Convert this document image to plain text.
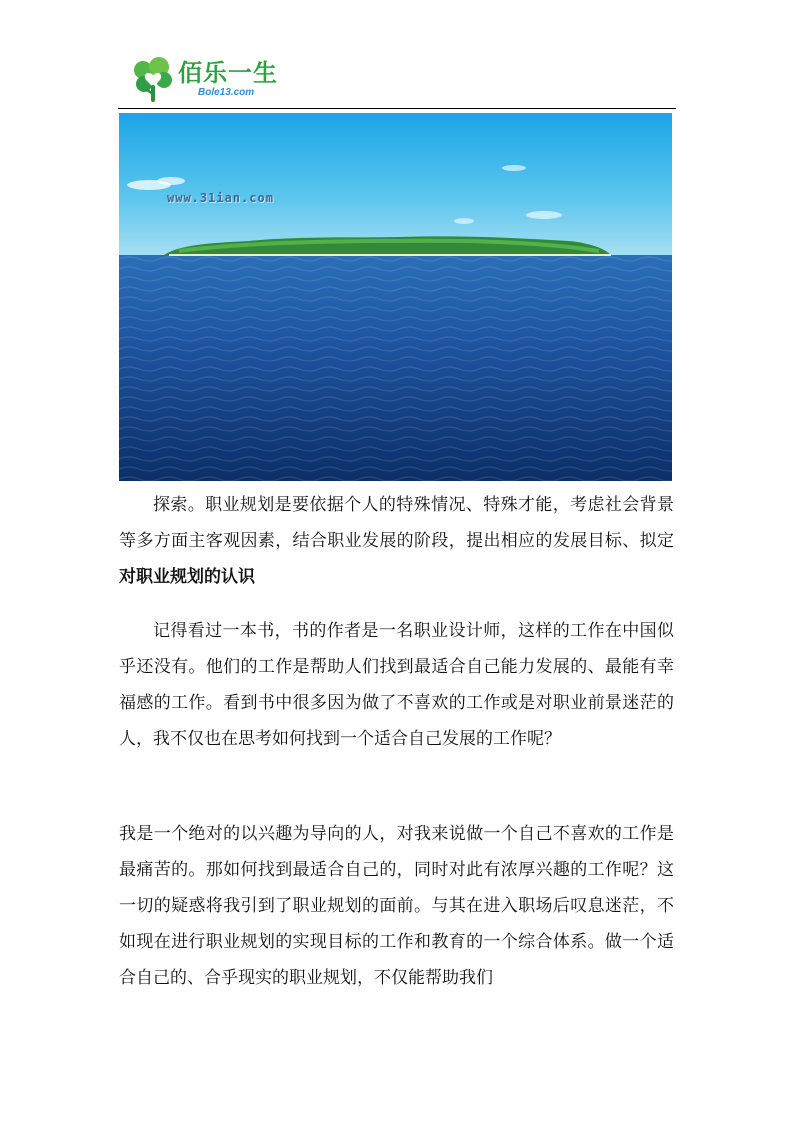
佰乐一生
Bole13.com
www.31ian.com

探索。职业规划是要依据个人的特殊情况、特殊才能，考虑社会背景等多方面主客观因素，结合职业发展的阶段，提出相应的发展目标、拟定对职业规划的认识

记得看过一本书，书的作者是一名职业设计师，这样的工作在中国似乎还没有。他们的工作是帮助人们找到最适合自己能力发展的、最能有幸福感的工作。看到书中很多因为做了不喜欢的工作或是对职业前景迷茫的人，我不仅也在思考如何找到一个适合自己发展的工作呢？

我是一个绝对的以兴趣为导向的人，对我来说做一个自己不喜欢的工作是最痛苦的。那如何找到最适合自己的，同时对此有浓厚兴趣的工作呢？这一切的疑惑将我引到了职业规划的面前。与其在进入职场后叹息迷茫，不如现在进行职业规划的实现目标的工作和教育的一个综合体系。做一个适合自己的、合乎现实的职业规划，不仅能帮助我们
